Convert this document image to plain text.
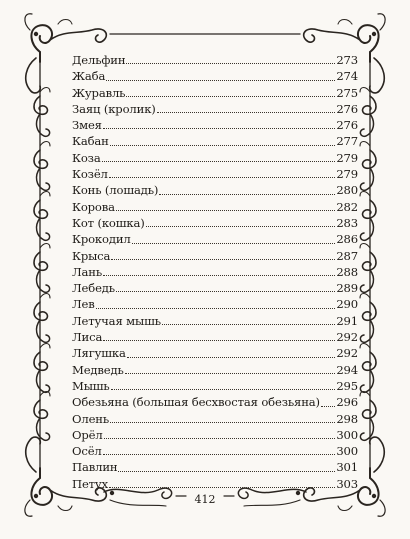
Дельфин	273
Жаба	274
Журавль	275
Заяц (кролик)	276
Змея	276
Кабан	277
Коза	279
Козёл	279
Конь (лошадь)	280
Корова	282
Кот (кошка)	283
Крокодил	286
Крыса	287
Лань	288
Лебедь	289
Лев	290
Летучая мышь	291
Лиса	292
Лягушка	292
Медведь	294
Мышь	295
Обезьяна (большая бесхвостая обезьяна) 296
Олень	298
Орёл	300
Осёл	300
Павлин	301
Петух	303
412
